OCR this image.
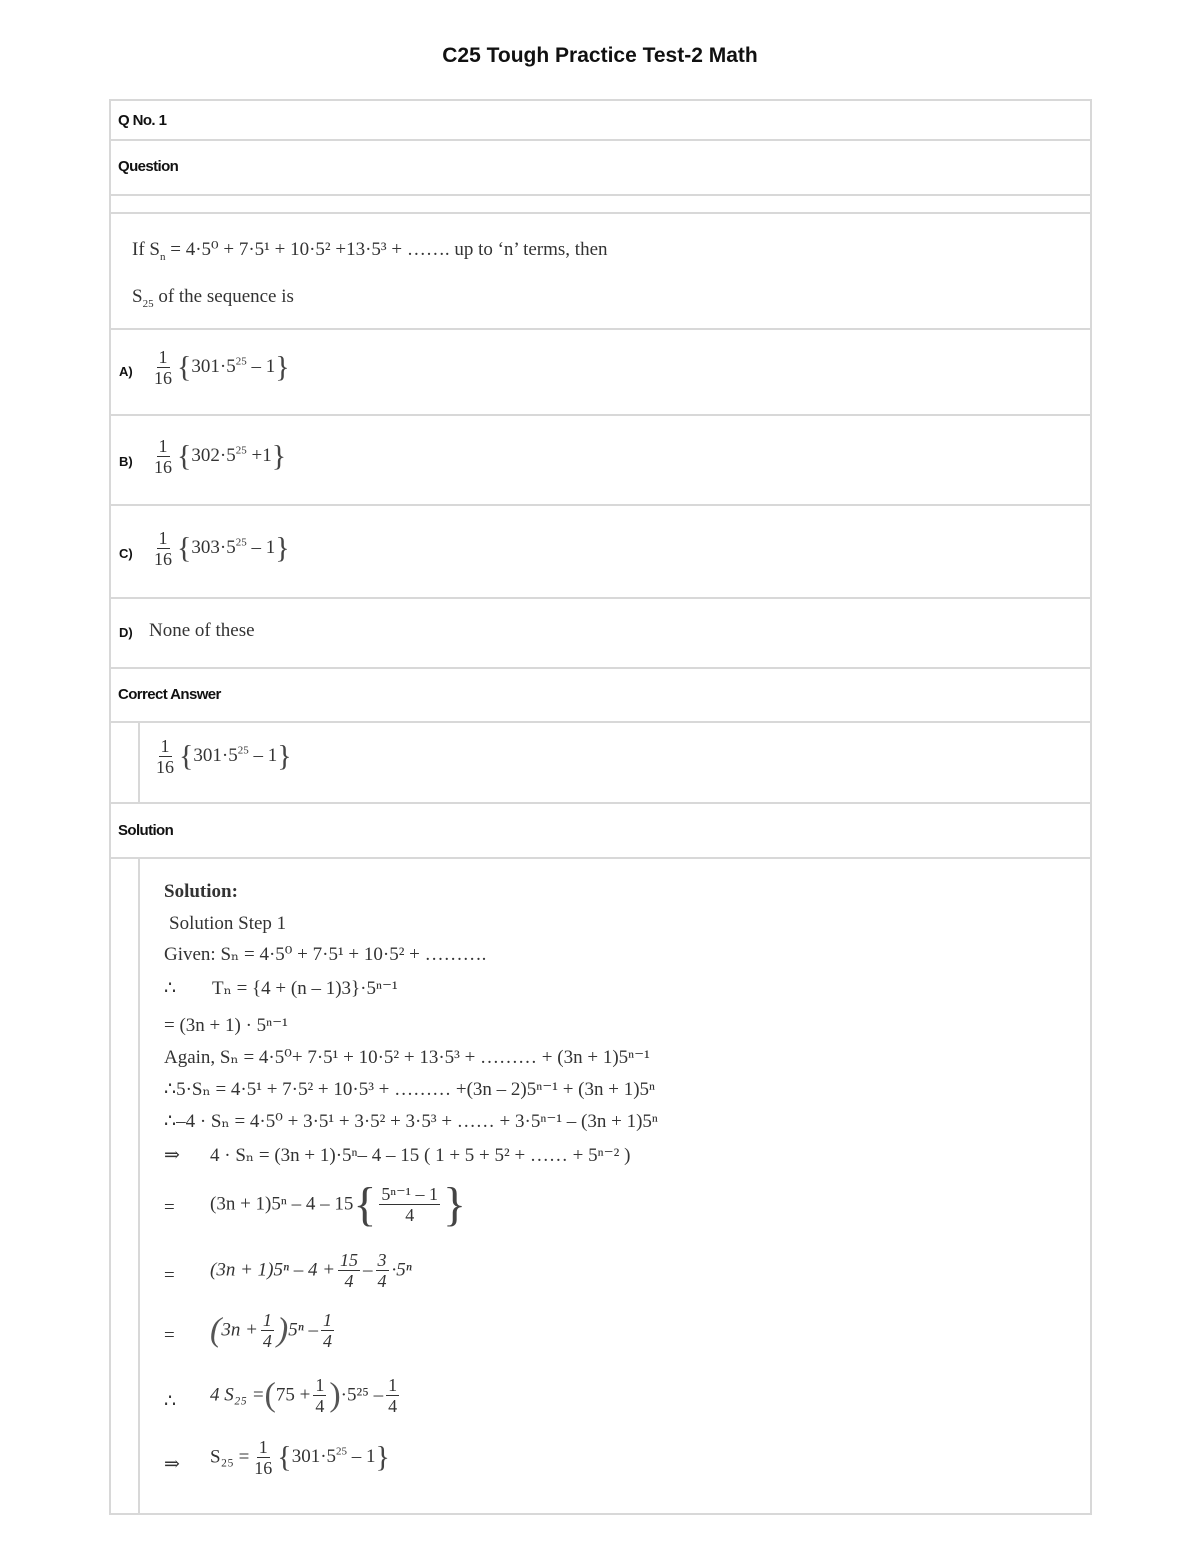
C25 Tough Practice Test-2 Math
Q No. 1
Question
If $S_n = 4\cdot 5^0 + 7\cdot 5^1 + 10\cdot 5^2 +13\cdot 5^3$ + ……. up to ‘n’ terms, then
$S_{25}$ of the sequence is
$A) \frac{1}{16} \{301\cdot 5^{25} - 1\}$
$B) \frac{1}{16} \{302\cdot 5^{25} +1\}$
$C) \frac{1}{16} \{303\cdot 5^{25} - 1\}$
D) None of these
Correct Answer
$\frac{1}{16} \{301\cdot 5^{25} - 1\}$
Solution
Solution:
Solution Step 1
Given: Sₙ = 4·5⁰ + 7·5¹ + 10·5² + ……….
∴ Tₙ = {4 + (n – 1)3}·5ⁿ⁻¹
= (3n + 1) · 5ⁿ⁻¹
Again, Sₙ = 4·5⁰+ 7·5¹ + 10·5² + 13·5³ + ……… + (3n + 1)5ⁿ⁻¹
∴5·Sₙ = 4·5¹ + 7·5² + 10·5³ + ……… +(3n – 2)5ⁿ⁻¹ + (3n + 1)5ⁿ
∴–4 · Sₙ = 4·5⁰ + 3·5¹ + 3·5² + 3·5³ + …… + 3·5ⁿ⁻¹ – (3n + 1)5ⁿ
⇒ 4 · Sₙ = (3n + 1)·5ⁿ– 4 – 15 ( 1 + 5 + 5² + …… + 5ⁿ⁻² )
= $(3n + 1)5^n - 4 - 15\{ \frac{\text{5ⁿ⁻¹ – 1}}{4}$ }
= $(3n + 1)5^n - 4 + \frac{15}{4} - \frac{3}{4} \cdot 5^n$
= $(3n + \frac{1}{4} )5^n - \frac{1}{4}$
∴ 4 $S_{25} =(75 + \frac{1}{4} )\cdot 5^{25} - \frac{1}{4}$
⇒ $S_{25} = \frac{1}{16} \{301\cdot 5^{25} - 1\}$
